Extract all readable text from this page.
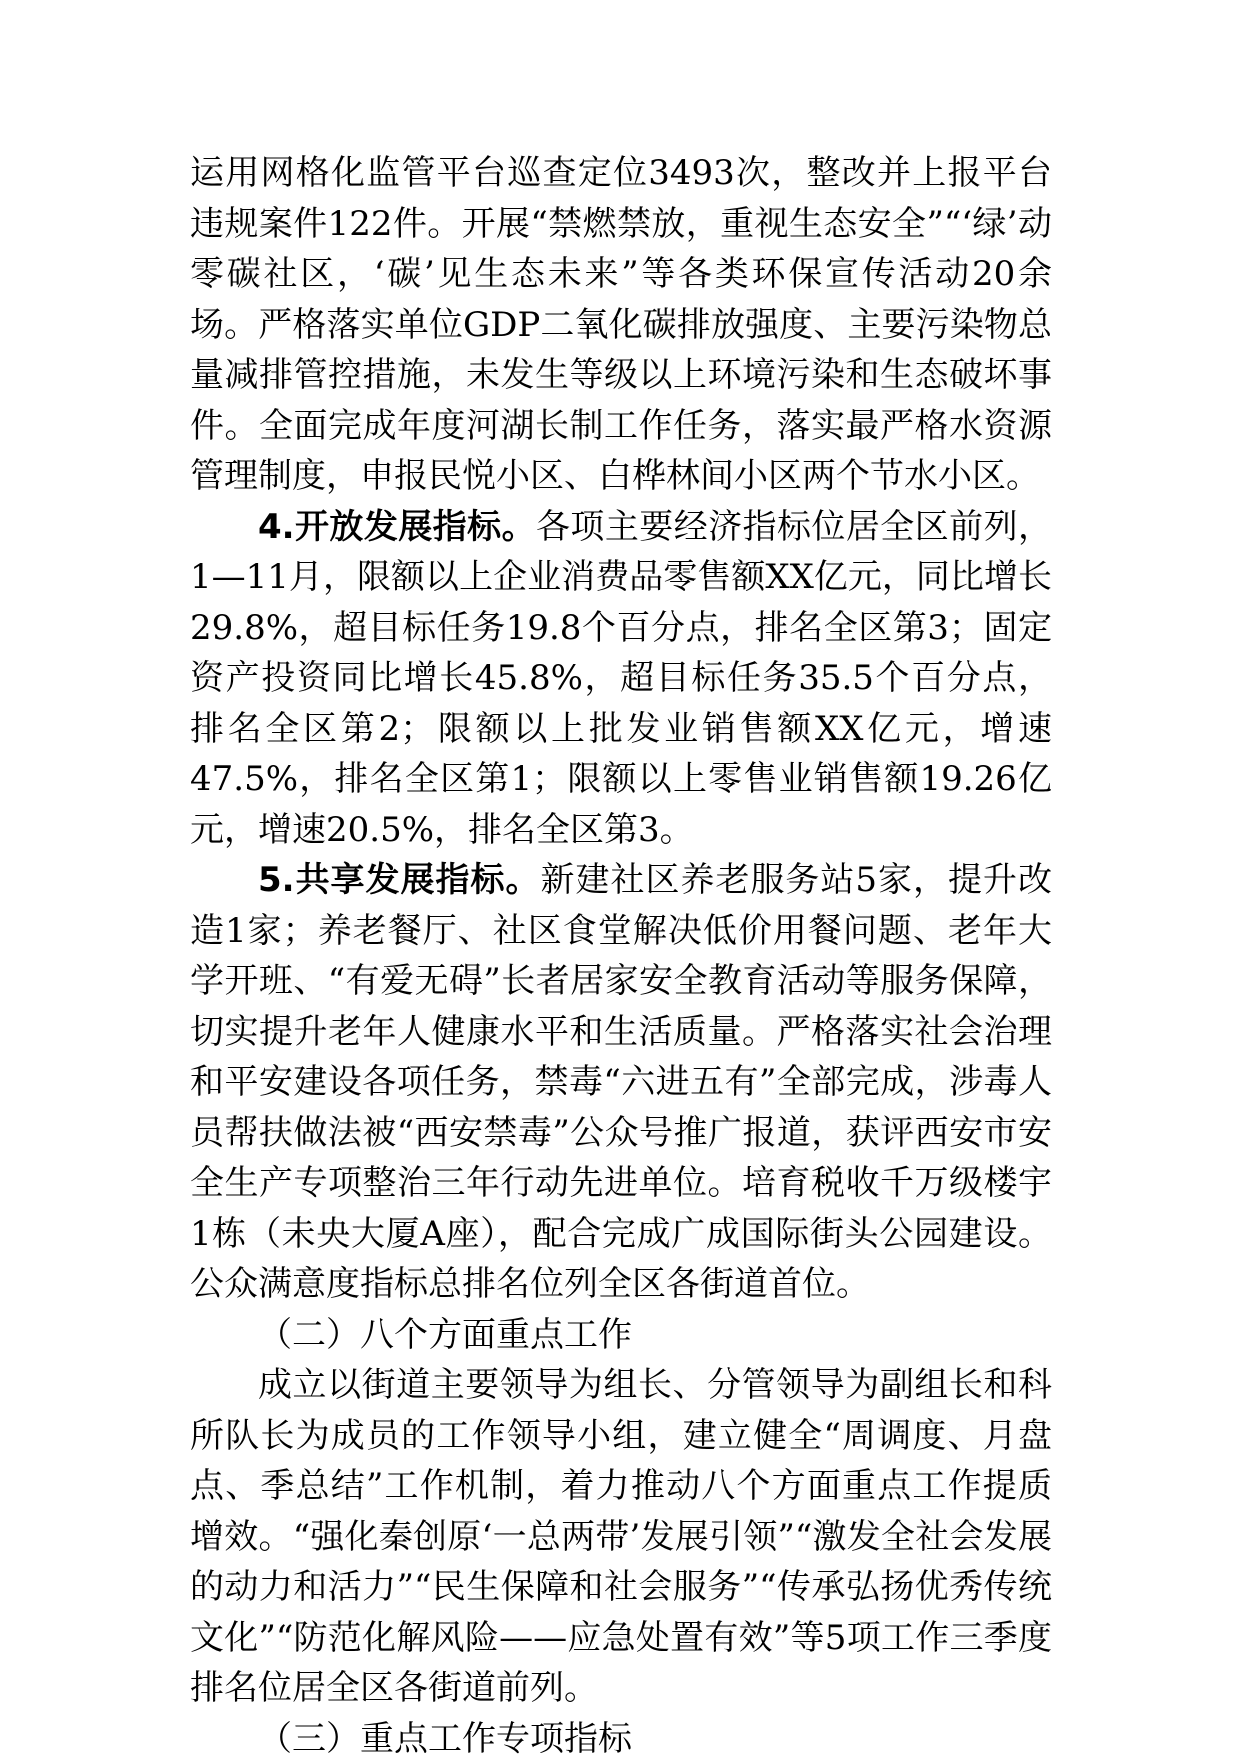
运用网格化监管平台巡查定位3493次，整改并上报平台违规案件122件。开展“禁燃禁放，重视生态安全”“‘绿’动零碳社区，‘碳’见生态未来”等各类环保宣传活动20余场。严格落实单位GDP二氧化碳排放强度、主要污染物总量减排管控措施，未发生等级以上环境污染和生态破坏事件。全面完成年度河湖长制工作任务，落实最严格水资源管理制度，申报民悦小区、白桦林间小区两个节水小区。

4.开放发展指标。各项主要经济指标位居全区前列，1—11月，限额以上企业消费品零售额XX亿元，同比增长29.8%，超目标任务19.8个百分点，排名全区第3；固定资产投资同比增长45.8%，超目标任务35.5个百分点，排名全区第2；限额以上批发业销售额XX亿元，增速47.5%，排名全区第1；限额以上零售业销售额19.26亿元，增速20.5%，排名全区第3。

5.共享发展指标。新建社区养老服务站5家，提升改造1家；养老餐厅、社区食堂解决低价用餐问题、老年大学开班、“有爱无碍”长者居家安全教育活动等服务保障，切实提升老年人健康水平和生活质量。严格落实社会治理和平安建设各项任务，禁毒“六进五有”全部完成，涉毒人员帮扶做法被“西安禁毒”公众号推广报道，获评西安市安全生产专项整治三年行动先进单位。培育税收千万级楼宇1栋（未央大厦A座），配合完成广成国际街头公园建设。公众满意度指标总排名位列全区各街道首位。

（二）八个方面重点工作

成立以街道主要领导为组长、分管领导为副组长和科所队长为成员的工作领导小组，建立健全“周调度、月盘点、季总结”工作机制，着力推动八个方面重点工作提质增效。“强化秦创原‘一总两带’发展引领”“激发全社会发展的动力和活力”“民生保障和社会服务”“传承弘扬优秀传统文化”“防范化解风险——应急处置有效”等5项工作三季度排名位居全区各街道前列。

（三）重点工作专项指标
